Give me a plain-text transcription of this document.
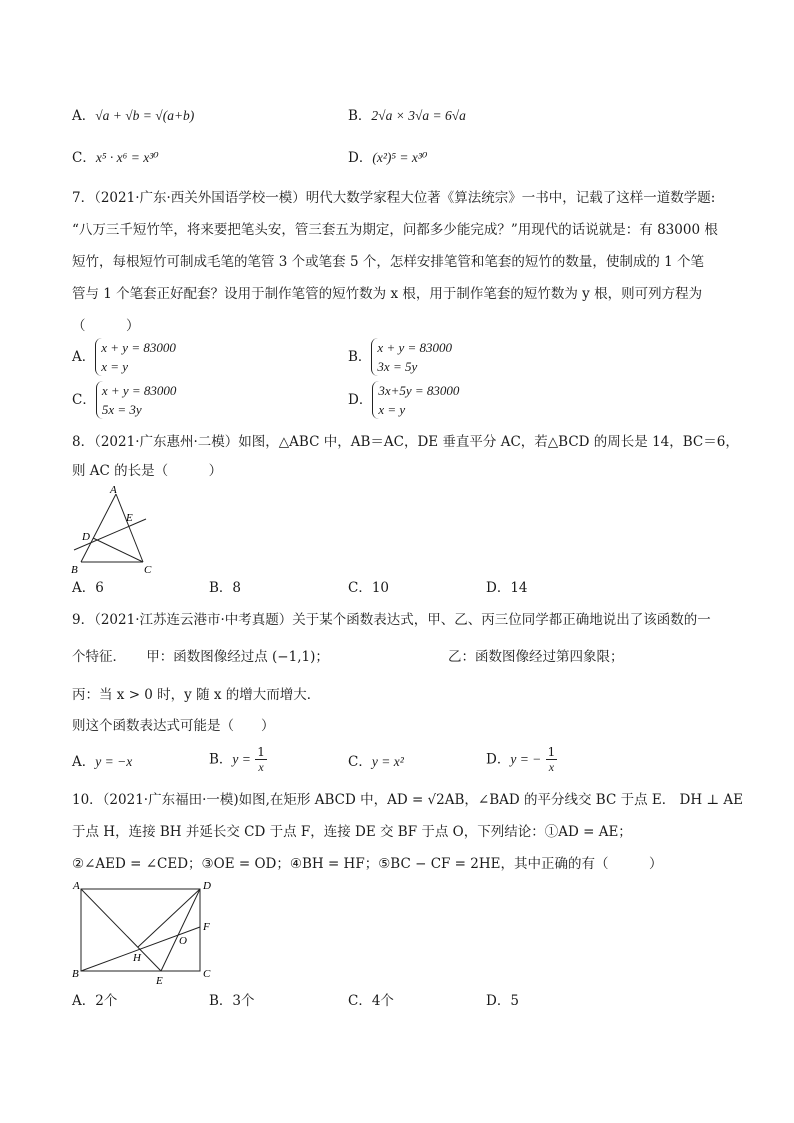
A．√a + √b = √(a+b)	B．2√a × 3√a = 6√a
C．x⁵ · x⁶ = x³⁰	D．(x²)⁵ = x³⁰
7．（2021·广东·西关外国语学校一模）明代大数学家程大位著《算法统宗》一书中，记载了这样一道数学题:
“八万三千短竹竿，将来要把笔头安，管三套五为期定，问都多少能完成？”用现代的话说就是：有 83000 根
短竹，每根短竹可制成毛笔的笔管 3 个或笔套 5 个，怎样安排笔管和笔套的短竹的数量，使制成的 1 个笔
管与 1 个笔套正好配套？设用于制作笔管的短竹数为 x 根，用于制作笔套的短竹数为 y 根，则可列方程为
（　　　）
A．
x + y = 83000
x = y
B．
x + y = 83000
3x = 5y
C．
x + y = 83000
5x = 3y
D．
3x+5y = 83000
x = y
8．（2021·广东惠州·二模）如图，△ABC 中，AB＝AC，DE 垂直平分 AC，若△BCD 的周长是 14，BC＝6，
则 AC 的长是（　　　）
A
B	C
D
E
A．6	B．8	C．10	D．14
9．（2021·江苏连云港市·中考真题）关于某个函数表达式，甲、乙、丙三位同学都正确地说出了该函数的一
个特征．　　甲：函数图像经过点 (−1,1)；	乙：函数图像经过第四象限；
丙：当 x > 0 时，y 随 x 的增大而增大．
则这个函数表达式可能是（　　）
A．y = −x	B．$y = \frac{1}{x}$	C．y = x²	D．y = − $\frac{1}{x}$
10．（2021·广东福田·一模)如图,在矩形 ABCD 中，AD = √2AB，∠BAD 的平分线交 BC 于点 E． DH ⊥ AE
于点 H，连接 BH 并延长交 CD 于点 F，连接 DE 交 BF 于点 O，下列结论：①AD = AE；
②∠AED = ∠CED；③OE = OD；④BH = HF；⑤BC − CF = 2HE，其中正确的有（　　　）
A
B	C
D
E
F
H
O
A．2个	B．3个	C．4个	D．5
